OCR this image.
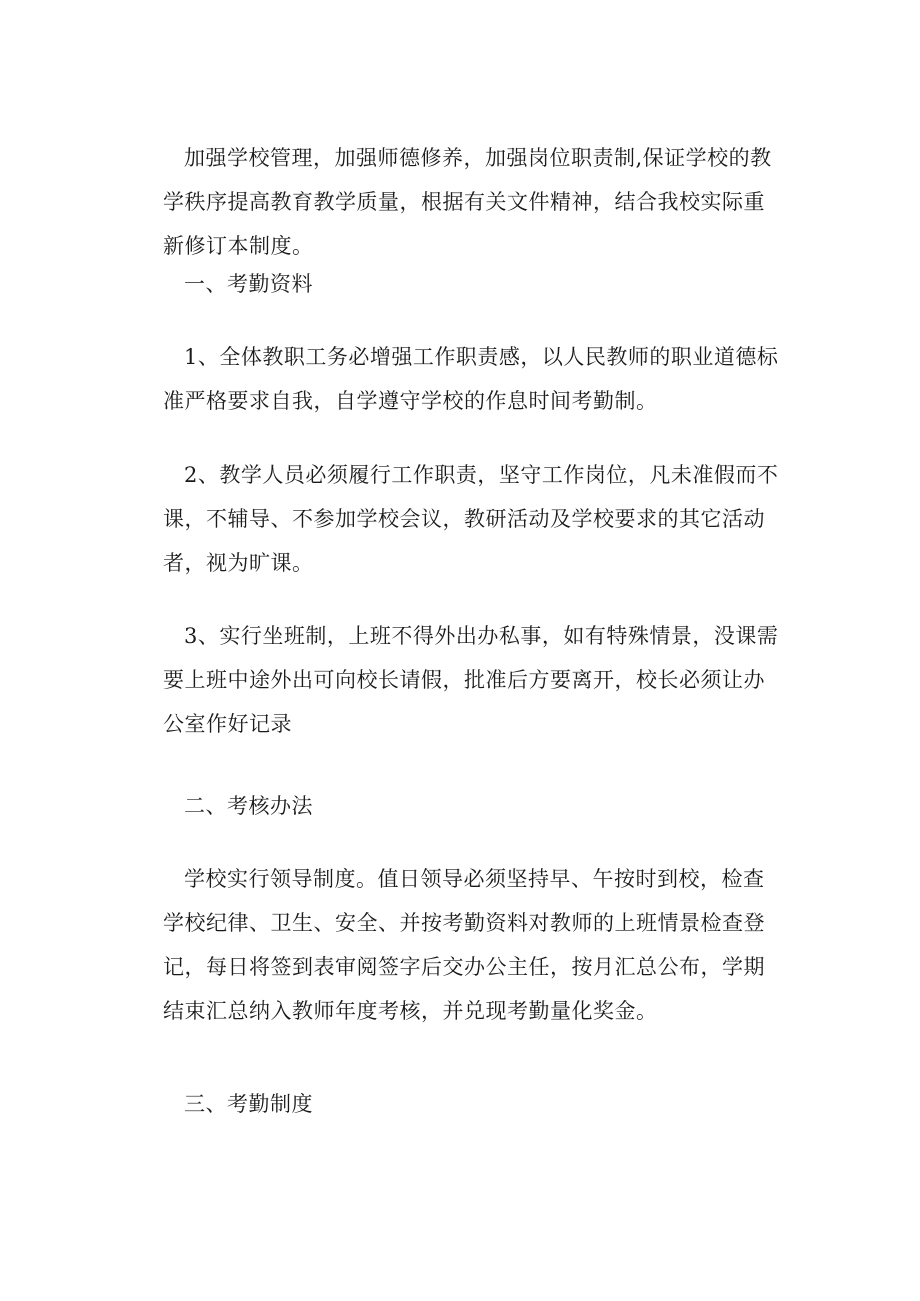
加强学校管理，加强师德修养，加强岗位职责制,保证学校的教学秩序提高教育教学质量，根据有关文件精神，结合我校实际重新修订本制度。

一、考勤资料

1、全体教职工务必增强工作职责感，以人民教师的职业道德标准严格要求自我，自学遵守学校的作息时间考勤制。

2、教学人员必须履行工作职责，坚守工作岗位，凡未准假而不课，不辅导、不参加学校会议，教研活动及学校要求的其它活动者，视为旷课。

3、实行坐班制，上班不得外出办私事，如有特殊情景，没课需要上班中途外出可向校长请假，批准后方要离开，校长必须让办公室作好记录

二、考核办法

学校实行领导制度。值日领导必须坚持早、午按时到校，检查学校纪律、卫生、安全、并按考勤资料对教师的上班情景检查登记，每日将签到表审阅签字后交办公主任，按月汇总公布，学期结束汇总纳入教师年度考核，并兑现考勤量化奖金。

三、考勤制度
